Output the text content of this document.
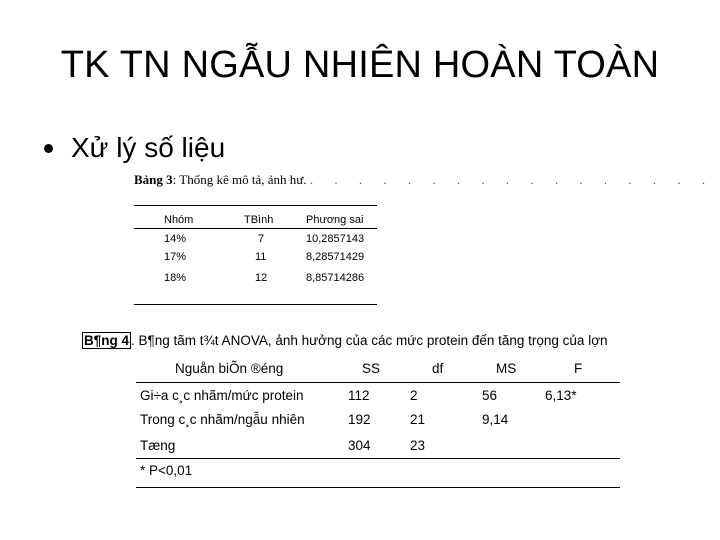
TK TN NGẪU NHIÊN HOÀN TOÀN
Xử lý số liệu
Bảng 3: Thống kê mô tả, ảnh hư. . . . . . . . . . . . . . . . . .
Nhóm	TBình	Phương sai
14%	7	10,2857143
17%	11	8,28571429
18%	12	8,85714286
B¶ng 4 . B¶ng tãm t¾t ANOVA, ảnh hưởng của các mức protein đến tăng trọng của lợn
Nguån biÕn ®éng	SS	df	MS	F
Gi÷a c¸c nhãm/mức protein	112	2	56	6,13*
Trong c¸c nhãm/ngẫu nhiên	192	21	9,14
Tæng	304	23
* P<0,01
